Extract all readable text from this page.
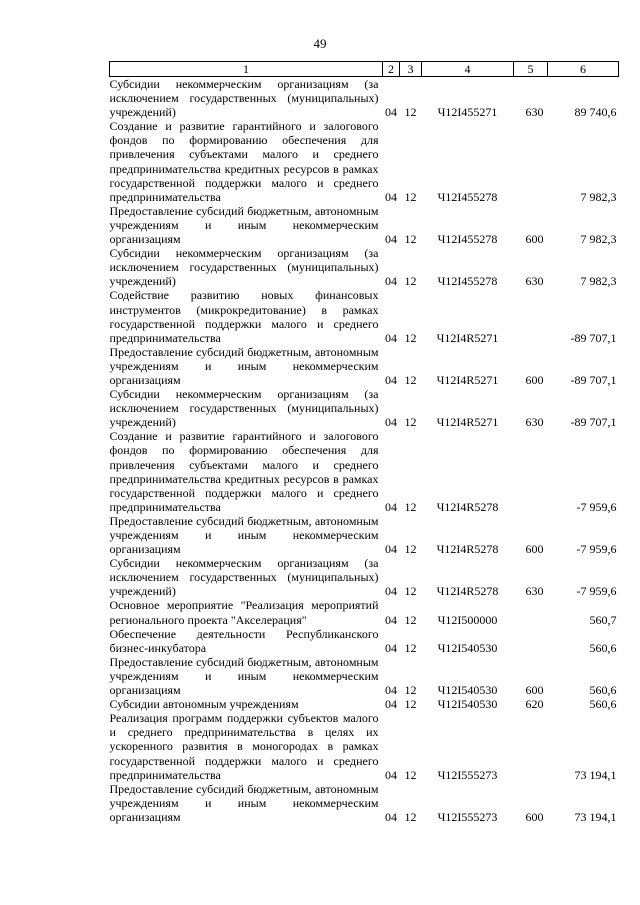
49
1	2	3	4	5	6
Субсидии некоммерческим организациям (за исключением государственных (муниципальных) учреждений)	04	12	Ч12I455271	630	89 740,6
Создание и развитие гарантийного и залогового фондов по формированию обеспечения для привлечения субъектами малого и среднего предпринимательства кредитных ресурсов в рамках государственной поддержки малого и среднего предпринимательства	04	12	Ч12I455278		7 982,3
Предоставление субсидий бюджетным, автономным учреждениям и иным некоммерческим организациям	04	12	Ч12I455278	600	7 982,3
Субсидии некоммерческим организациям (за исключением государственных (муниципальных) учреждений)	04	12	Ч12I455278	630	7 982,3
Содействие развитию новых финансовых инструментов (микрокредитование) в рамках государственной поддержки малого и среднего предпринимательства	04	12	Ч12I4R5271		-89 707,1
Предоставление субсидий бюджетным, автономным учреждениям и иным некоммерческим организациям	04	12	Ч12I4R5271	600	-89 707,1
Субсидии некоммерческим организациям (за исключением государственных (муниципальных) учреждений)	04	12	Ч12I4R5271	630	-89 707,1
Создание и развитие гарантийного и залогового фондов по формированию обеспечения для привлечения субъектами малого и среднего предпринимательства кредитных ресурсов в рамках государственной поддержки малого и среднего предпринимательства	04	12	Ч12I4R5278		-7 959,6
Предоставление субсидий бюджетным, автономным учреждениям и иным некоммерческим организациям	04	12	Ч12I4R5278	600	-7 959,6
Субсидии некоммерческим организациям (за исключением государственных (муниципальных) учреждений)	04	12	Ч12I4R5278	630	-7 959,6
Основное мероприятие "Реализация мероприятий регионального проекта "Акселерация"	04	12	Ч12I500000		560,7
Обеспечение деятельности Республиканского бизнес-инкубатора	04	12	Ч12I540530		560,6
Предоставление субсидий бюджетным, автономным учреждениям и иным некоммерческим организациям	04	12	Ч12I540530	600	560,6
Субсидии автономным учреждениям	04	12	Ч12I540530	620	560,6
Реализация программ поддержки субъектов малого и среднего предпринимательства в целях их ускоренного развития в моногородах в рамках государственной поддержки малого и среднего предпринимательства	04	12	Ч12I555273		73 194,1
Предоставление субсидий бюджетным, автономным учреждениям и иным некоммерческим организациям	04	12	Ч12I555273	600	73 194,1
